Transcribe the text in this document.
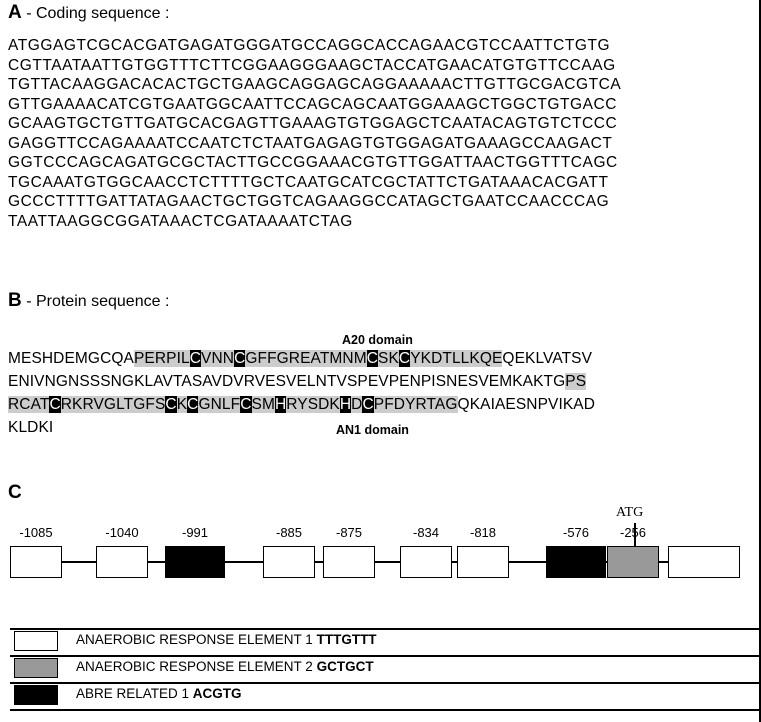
A - Coding sequence :
ATGGAGTCGCACGATGAGATGGGATGCCAGGCACCAGAACGTCCAATTCTGTG
CGTTAATAATTGTGGTTTCTTCGGAAGGGAAGCTACCATGAACATGTGTTCCAAG
TGTTACAAGGACACACTGCTGAAGCAGGAGCAGGAAAAACTTGTTGCGACGTCA
GTTGAAAACATCGTGAATGGCAATTCCAGCAGCAATGGAAAGCTGGCTGTGACC
GCAAGTGCTGTTGATGCACGAGTTGAAAGTGTGGAGCTCAATACAGTGTCTCCC
GAGGTTCCAGAAAATCCAATCTCTAATGAGAGTGTGGAGATGAAAGCCAAGACT
GGTCCCAGCAGATGCGCTACTTGCCGGAAACGTGTTGGATTAACTGGTTTCAGC
TGCAAATGTGGCAACCTCTTTTGCTCAATGCATCGCTATTCTGATAAACACGATT
GCCCTTTTGATTATAGAACTGCTGGTCAGAAGGCCATAGCTGAATCCAACCCAG
TAATTAAGGCGGATAAACTCGATAAAATCTAG
B - Protein sequence :
A20 domain
MESHDEMGCQAPERPILCVNNCGFFGREATMNMCSKCYKDTLLKQEQEKLVATSV
ENIVNGNSSSNGKLAVTASAVDVRVESVELNTVSPEVPENPISNESVEMKAKTGPS
RCATCRKRVGLTGFSCKCGNLFCSMHRYSDKHDCPFDYRTAGQKAIAESNPVIKAD
KLDKI	AN1 domain
C
ATG
-1085	-1040	-991	-885	-875	-834	-818	-576	-256
ANAEROBIC RESPONSE ELEMENT 1 TTTGTTT
ANAEROBIC RESPONSE ELEMENT 2 GCTGCT
ABRE RELATED 1 ACGTG
